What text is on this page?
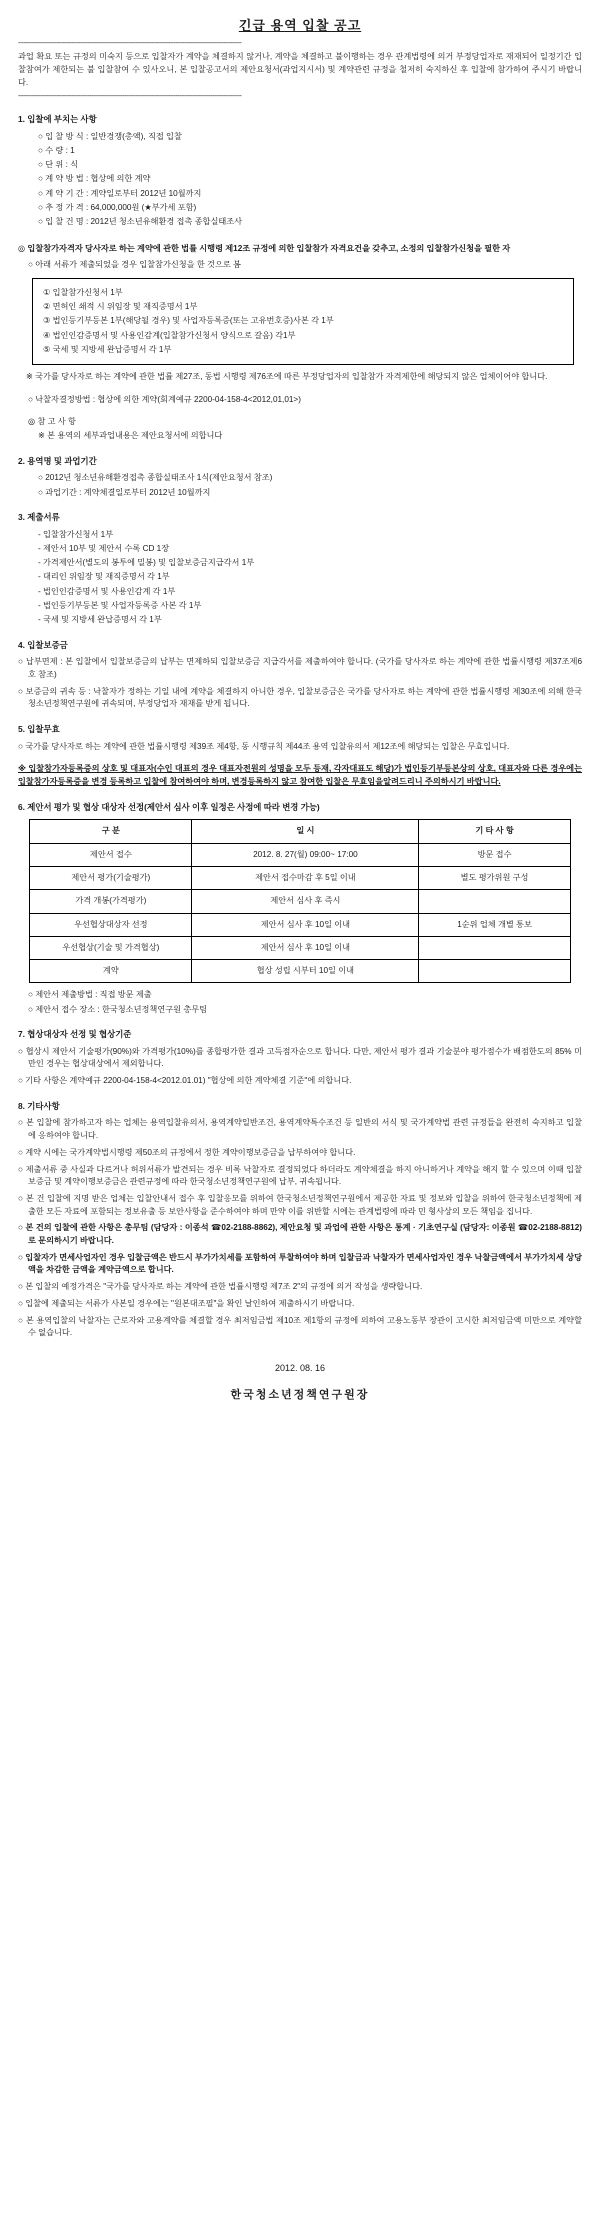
긴급 용역 입찰 공고
--------------------------------------------------------------------------------------------------------------------------

과업 확요 또는 규정의 미숙지 등으로 입찰자가 계약을 체결하지 않거나, 계약을 체결하고 불이행하는 경우 관계법령에 의거 부정당업자로 재재되어 일정기간 입찰참여가 제한되는 불 입찰참여 수 있사오니, 본 입찰공고서의 제안요청서(과업지시서) 및 계약관련 규정을 철저히 숙지하신 후 입찰에 참가하여 주시기 바랍니다.

--------------------------------------------------------------------------------------------------------------------------
1. 입찰에 부치는 사항
○ 입 찰 방 식 : 일반경쟁(총액), 직접 입찰
○ 수 량 : 1
○ 단 위 : 식
○ 계 약 방 법 : 협상에 의한 계약
○ 계 약 기 간 : 계약일로부터 2012년 10월까지
○ 추 정 가 격 : 64,000,000원 (★부가세 포함)
○ 입 찰 건 명 : 2012년 청소년유해환경 접촉 종합실태조사

◎ 입찰참가자격자 당사자로 하는 계약에 관한 법률 시행령 제12조 규정에 의한 입찰참가 자격요건을 갖추고, 소정의 입찰참가신청을 필한 자

○ 아래 서류가 제출되었을 경우 입찰참가신청을 한 것으로 봄
① 입찰참가신청서 1부
② 면허인 쇄적 시 위임장 및 재직증명서 1부
③ 법인등기부등본 1부(해당될 경우) 및 사업자등록증(또는 고유번호증)사본 각 1부
④ 법인인감증명서 및 사용인감계(입찰참가신청서 양식으로 갈음) 각1부
⑤ 국세 및 지방세 완납증명서 각 1부

※ 국가를 당사자로 하는 계약에 관한 법률 제27조, 동법 시행령 제76조에 따른 부정당업자의 입찰참가 자격제한에 해당되지 않은 업체이어야 합니다.

○ 낙찰자결정방법 : 협상에 의한 계약(회계예규 2200-04-158-4<2012,01,01>)
◎ 참 고 사 항
※ 본 용역의 세부과업내용은 제안요청서에 의합니다
2. 용역명 및 과업기간
○ 2012년 청소년유해환경접촉 종합실태조사 1식(제안요청서 참조)
○ 과업기간 : 계약체결일로부터 2012년 10월까지
3. 제출서류
- 입찰참가신청서 1부
- 제안서 10부 및 제안서 수록 CD 1장
- 가격제안서(별도의 봉투에 밀봉) 및 입찰보증금지급각서 1부
- 대리인 위임장 및 재직증명서 각 1부
- 법인인감증명서 및 사용인감계 각 1부
- 법인등기부등본 및 사업자등록증 사본 각 1부
- 국세 및 지방세 완납증명서 각 1부
4. 입찰보증금

○ 납부면제 : 본 입찰에서 입찰보증금의 납부는 면제하되 입찰보증금 지급각서를 제출하여야 합니다. (국가를 당사자로 하는 계약에 관한 법률시행령 제37조제6호 참조)

○ 보증금의 귀속 등 : 낙찰자가 정하는 기일 내에 계약을 체결하지 아니한 경우, 입찰보증금은 국가를 당사자로 하는 계약에 관한 법률시행령 제30조에 의해 한국청소년정책연구원에 귀속되며, 부정당업자 재재를 받게 됩니다.

5. 입찰무효

○ 국가를 당사자로 하는 계약에 관한 법률시행령 제39조 제4항, 동 시행규칙 제44조 용역 입찰유의서 제12조에 해당되는 입찰은 무효입니다.

※ 입찰참가자등록증의 상호 및 대표자(수인 대표의 경우 대표자전원의 성명을 모두 등재, 각자대표도 해당)가 법인등기부등본상의 상호, 대표자와 다른 경우에는 입찰참가자등록증을 변경 등록하고 입찰에 참여하여야 하며, 변경등록하지 않고 참여한 입찰은 무효임을알려드리니 주의하시기 바랍니다.

6. 제안서 평가 및 협상 대상자 선정(제안서 심사 이후 일정은 사정에 따라 변경 가능)
구 분	일 시	기 타 사 항
제안서 접수	2012. 8. 27(월) 09:00~ 17:00	방문 접수
제안서 평가(기술평가)	제안서 접수마감 후 5일 이내	별도 평가위원 구성
가격 개봉(가격평가)	제안서 심사 후 즉시	
우선협상대상자 선정	제안서 심사 후 10일 이내	1순위 업체 개별 통보
우선협상(기술 및 가격협상)	제안서 심사 후 10일 이내	
계약	협상 성립 시부터 10일 이내	
○ 제안서 제출방법 : 직접 방문 제출
○ 제안서 접수 장소 : 한국청소년정책연구원 총무팀
7. 협상대상자 선정 및 협상기준

○ 협상시 제안서 기술평가(90%)와 가격평가(10%)를 종합평가한 결과 고득점자순으로 합니다. 다만, 제안서 평가 결과 기술분야 평가점수가 배점한도의 85% 미만인 경우는 협상대상에서 제외합니다.

○ 기타 사항은 계약예규 2200-04-158-4<2012.01.01) "협상에 의한 계약체결 기준"에 의합니다.

8. 기타사항

○ 본 입찰에 참가하고자 하는 업체는 용역입찰유의서, 용역계약일반조건, 용역계약특수조건 등 일반의 서식 및 국가계약법 관련 규정들을 완전히 숙지하고 입찰에 응하여야 합니다.

○ 계약 시에는 국가계약법시행령 제50조의 규정에서 정한 계약이행보증금을 납부하여야 합니다.

○ 제출서류 중 사실과 다르거나 허위서류가 발견되는 경우 비록 낙찰자로 결정되었다 하더라도 계약체결을 하지 아니하거나 계약을 해지 할 수 있으며 이때 입찰보증금 및 계약이행보증금은 관련규정에 따라 한국청소년정책연구원에 납부, 귀속됩니다.

○ 본 건 입찰에 지명 받은 업체는 입찰안내서 접수 후 입찰응모를 위하여 한국청소년정책연구원에서 제공한 자료 및 정보와 입찰을 위하여 한국청소년정책에 제출한 모든 자료에 포함되는 정보유출 등 보안사항을 준수하여야 하며 만약 이를 위반할 시에는 관계법령에 따라 민 형사상의 모든 책임을 집니다.

○ 본 건의 입찰에 관한 사항은 총무팀 (담당자 : 이종석 ☎02-2188-8862), 제안요청 및 과업에 관한 사항은 통계 · 기초연구실 (담당자: 이종원 ☎02-2188-8812)로 문의하시기 바랍니다.

○ 입찰자가 면세사업자인 경우 입찰금액은 반드시 부가가치세를 포함하여 투찰하여야 하며 입찰금과 낙찰자가 면세사업자인 경우 낙찰금액에서 부가가치세 상당액을 차감한 금액을 계약금액으로 합니다.

○ 본 입찰의 예정가격은 "국가를 당사자로 하는 계약에 관한 법률시행령 제7조 2"의 규정에 의거 작성을 생략합니다.

○ 입찰에 제출되는 서류가 사본일 경우에는 "원본대조필"을 확인 날인하여 제출하시기 바랍니다.

○ 본 용역입찰의 낙찰자는 근로자와 고용계약를 체결할 경우 최저임금법 제10조 제1항의 규정에 의하여 고용노동부 장관이 고시한 최저임금액 미만으로 계약할 수 없습니다.

2012. 08. 16
한국청소년정책연구원장
